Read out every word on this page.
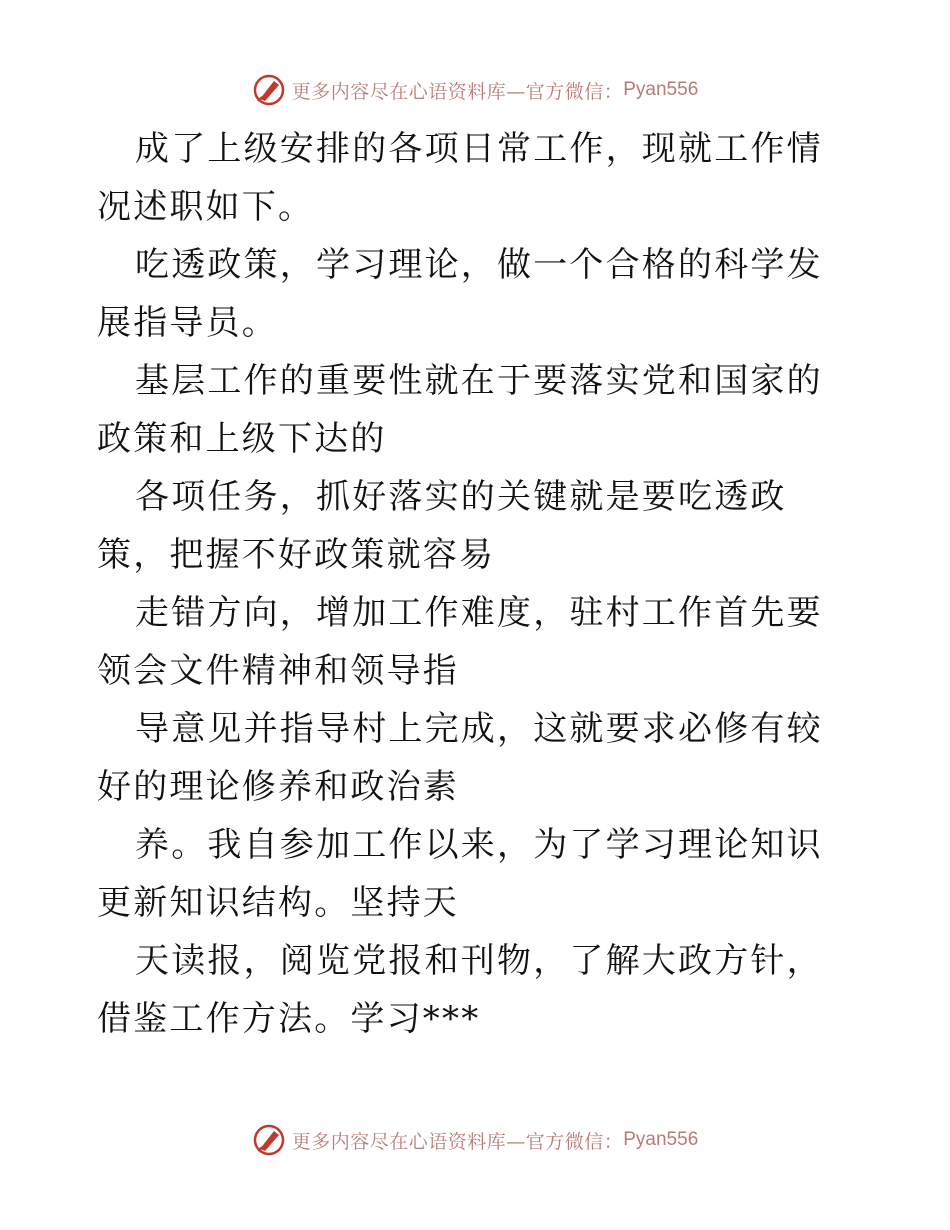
更多内容尽在心语资料库—官方微信： Pyan556

成了上级安排的各项日常工作，现就工作情况述职如下。

吃透政策，学习理论，做一个合格的科学发展指导员。

基层工作的重要性就在于要落实党和国家的政策和上级下达的

各项任务，抓好落实的关键就是要吃透政策，把握不好政策就容易

走错方向，增加工作难度，驻村工作首先要领会文件精神和领导指

导意见并指导村上完成，这就要求必修有较好的理论修养和政治素

养。我自参加工作以来，为了学习理论知识更新知识结构。坚持天

天读报，阅览党报和刊物，了解大政方针，借鉴工作方法。学习***

更多内容尽在心语资料库—官方微信： Pyan556
